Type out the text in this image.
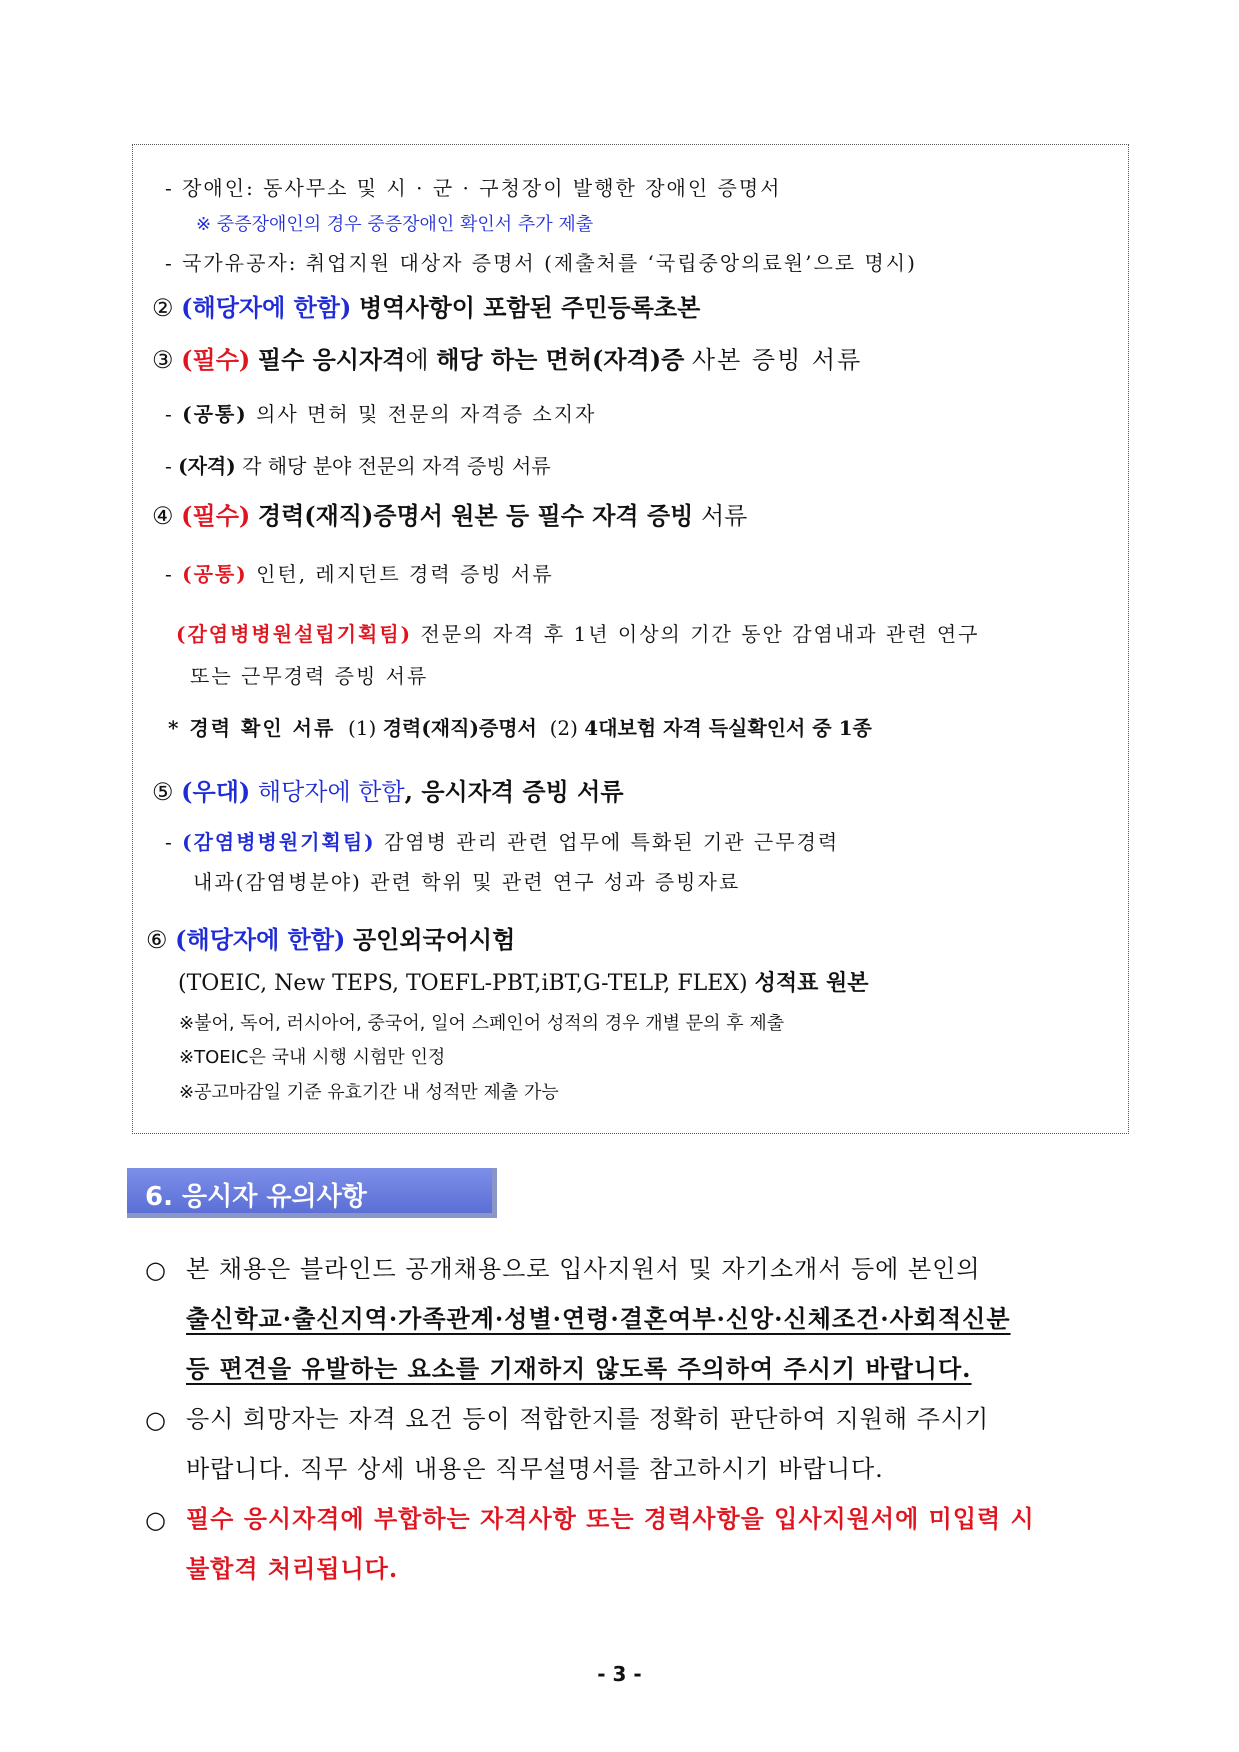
- 장애인: 동사무소 및 시 · 군 · 구청장이 발행한 장애인 증명서
※ 중증장애인의 경우 중증장애인 확인서 추가 제출
- 국가유공자: 취업지원 대상자 증명서 (제출처를 ‘국립중앙의료원’으로 명시)
② (해당자에 한함) 병역사항이 포함된 주민등록초본
③ (필수) 필수 응시자격에 해당 하는 면허(자격)증 사본 증빙 서류
- (공통) 의사 면허 및 전문의 자격증 소지자
- (자격) 각 해당 분야 전문의 자격 증빙 서류
④ (필수) 경력(재직)증명서 원본 등 필수 자격 증빙 서류
- (공통) 인턴, 레지던트 경력 증빙 서류
(감염병병원설립기획팀) 전문의 자격 후 1년 이상의 기간 동안 감염내과 관련 연구
또는 근무경력 증빙 서류
* 경력 확인 서류 (1) 경력(재직)증명서 (2) 4대보험 자격 득실확인서 중 1종
⑤ (우대) 해당자에 한함, 응시자격 증빙 서류
- (감염병병원기획팀) 감염병 관리 관련 업무에 특화된 기관 근무경력
내과(감염병분야) 관련 학위 및 관련 연구 성과 증빙자료
⑥ (해당자에 한함) 공인외국어시험
(TOEIC, New TEPS, TOEFL-PBT,iBT,G-TELP, FLEX) 성적표 원본
※불어, 독어, 러시아어, 중국어, 일어 스페인어 성적의 경우 개별 문의 후 제출
※TOEIC은 국내 시행 시험만 인정
※공고마감일 기준 유효기간 내 성적만 제출 가능
6. 응시자 유의사항
○ 본 채용은 블라인드 공개채용으로 입사지원서 및 자기소개서 등에 본인의
출신학교·출신지역·가족관계·성별·연령·결혼여부·신앙·신체조건·사회적신분
등 편견을 유발하는 요소를 기재하지 않도록 주의하여 주시기 바랍니다.
○ 응시 희망자는 자격 요건 등이 적합한지를 정확히 판단하여 지원해 주시기
바랍니다. 직무 상세 내용은 직무설명서를 참고하시기 바랍니다.
○ 필수 응시자격에 부합하는 자격사항 또는 경력사항을 입사지원서에 미입력 시
불합격 처리됩니다.
- 3 -
